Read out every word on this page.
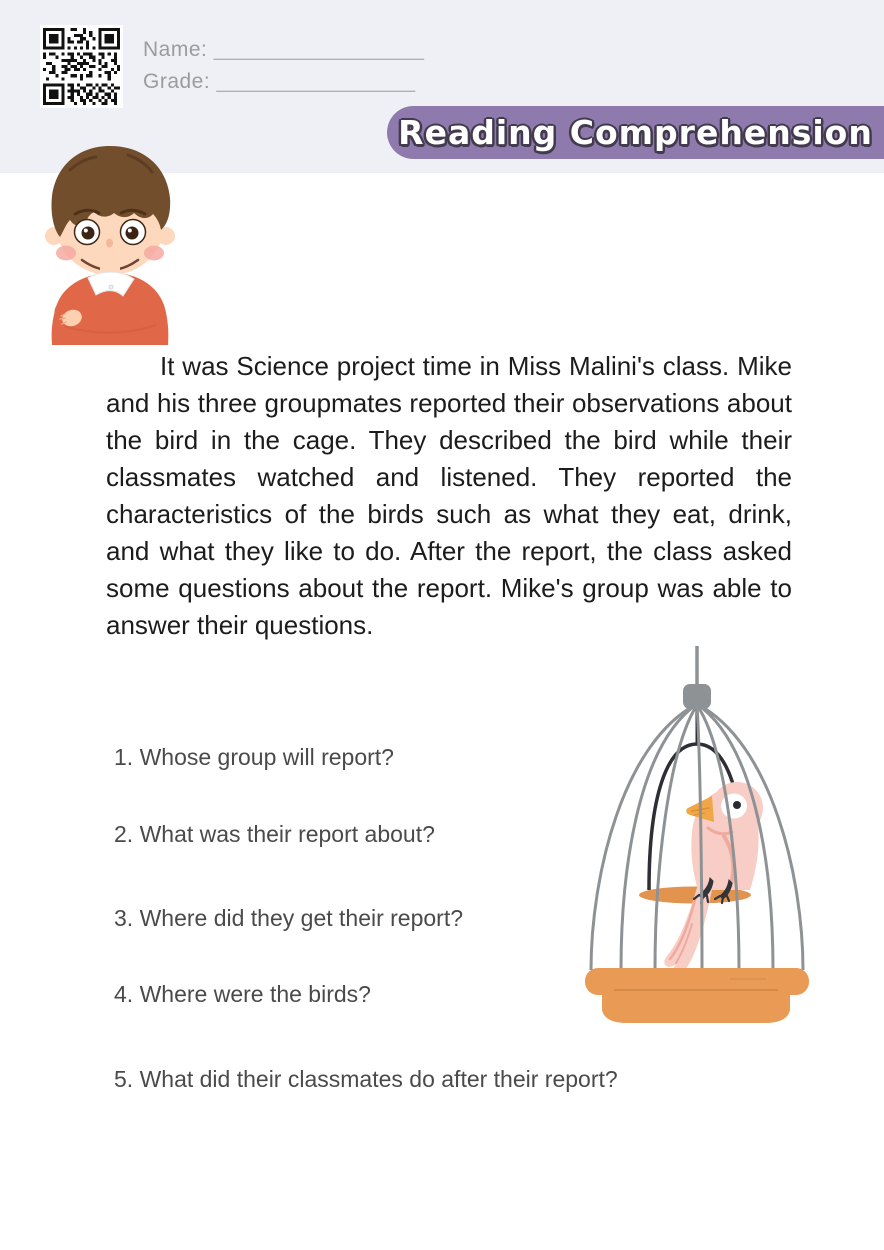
Name: __________________
Grade: _________________
Reading Comprehension

It was Science project time in Miss Malini's class. Mike and his three groupmates reported their observations about the bird in the cage. They described the bird while their classmates watched and listened. They reported the characteristics of the birds such as what they eat, drink, and what they like to do. After the report, the class asked some questions about the report. Mike's group was able to answer their questions.

1. Whose group will report?
2. What was their report about?
3. Where did they get their report?
4. Where were the birds?
5. What did their classmates do after their report?
